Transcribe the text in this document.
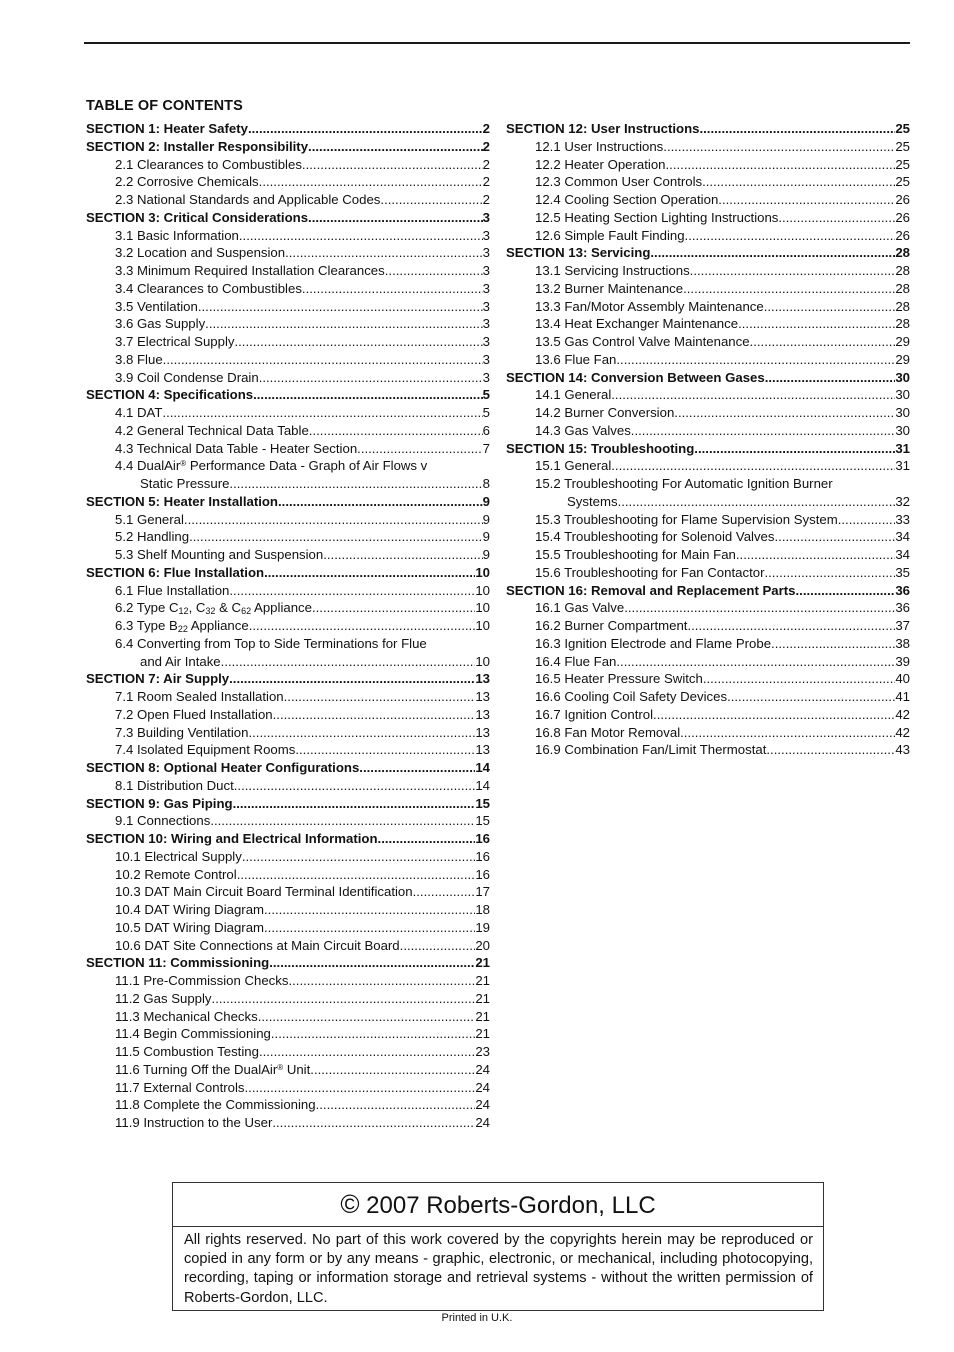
TABLE OF CONTENTS
SECTION 1: Heater Safety .....	2
SECTION 2: Installer Responsibility .....	2
2.1 Clearances to Combustibles .....	2
2.2 Corrosive Chemicals .....	2
2.3 National Standards and Applicable Codes .....	2
SECTION 3: Critical Considerations .....	3
3.1 Basic Information .....	3
3.2 Location and Suspension .....	3
3.3 Minimum Required Installation Clearances .....	3
3.4 Clearances to Combustibles .....	3
3.5 Ventilation .....	3
3.6 Gas Supply .....	3
3.7 Electrical Supply .....	3
3.8 Flue .....	3
3.9 Coil Condense Drain .....	3
SECTION 4: Specifications .....	5
4.1 DAT .....	5
4.2 General Technical Data Table .....	6
4.3 Technical Data Table - Heater Section .....	7
4.4 DualAir® Performance Data - Graph of Air Flows v
Static Pressure .....	8
SECTION 5: Heater Installation .....	9
5.1 General .....	9
5.2 Handling .....	9
5.3 Shelf Mounting and Suspension .....	9
SECTION 6: Flue Installation .....	10
6.1 Flue Installation .....	10
6.2 Type $C_{12}$, $C_{32}$ & $C_{62}$ Appliance .....	10
6.3 Type $B_{22}$ Appliance .....	10
6.4 Converting from Top to Side Terminations for Flue
and Air Intake .....	10
SECTION 7: Air Supply .....	13
7.1 Room Sealed Installation .....	13
7.2 Open Flued Installation .....	13
7.3 Building Ventilation .....	13
7.4 Isolated Equipment Rooms .....	13
SECTION 8: Optional Heater Configurations .....	14
8.1 Distribution Duct .....	14
SECTION 9: Gas Piping .....	15
9.1 Connections .....	15
SECTION 10: Wiring and Electrical Information .....	16
10.1 Electrical Supply .....	16
10.2 Remote Control .....	16
10.3 DAT Main Circuit Board Terminal Identification .....	17
10.4 DAT Wiring Diagram .....	18
10.5 DAT Wiring Diagram .....	19
10.6 DAT Site Connections at Main Circuit Board .....	20
SECTION 11: Commissioning .....	21
11.1 Pre-Commission Checks .....	21
11.2 Gas Supply .....	21
11.3 Mechanical Checks .....	21
11.4 Begin Commissioning .....	21
11.5 Combustion Testing .....	23
11.6 Turning Off the DualAir® Unit .....	24
11.7 External Controls .....	24
11.8 Complete the Commissioning .....	24
11.9 Instruction to the User .....	24
SECTION 12: User Instructions .....	25
12.1 User Instructions .....	25
12.2 Heater Operation .....	25
12.3 Common User Controls .....	25
12.4 Cooling Section Operation .....	26
12.5 Heating Section Lighting Instructions .....	26
12.6 Simple Fault Finding .....	26
SECTION 13: Servicing .....	28
13.1 Servicing Instructions .....	28
13.2 Burner Maintenance .....	28
13.3 Fan/Motor Assembly Maintenance .....	28
13.4 Heat Exchanger Maintenance .....	28
13.5 Gas Control Valve Maintenance .....	29
13.6 Flue Fan .....	29
SECTION 14: Conversion Between Gases .....	30
14.1 General .....	30
14.2 Burner Conversion .....	30
14.3 Gas Valves .....	30
SECTION 15: Troubleshooting .....	31
15.1 General .....	31
15.2 Troubleshooting For Automatic Ignition Burner
Systems .....	32
15.3 Troubleshooting for Flame Supervision System .....	33
15.4 Troubleshooting for Solenoid Valves .....	34
15.5 Troubleshooting for Main Fan .....	34
15.6 Troubleshooting for Fan Contactor .....	35
SECTION 16: Removal and Replacement Parts .....	36
16.1 Gas Valve .....	36
16.2 Burner Compartment .....	37
16.3 Ignition Electrode and Flame Probe. .....	38
16.4 Flue Fan .....	39
16.5 Heater Pressure Switch .....	40
16.6 Cooling Coil Safety Devices .....	41
16.7 Ignition Control .....	42
16.8 Fan Motor Removal .....	42
16.9 Combination Fan/Limit Thermostat .....	43
© 2007 Roberts-Gordon, LLC
All rights reserved. No part of this work covered by the copyrights herein may be reproduced or copied in any form or by any means - graphic, electronic, or mechanical, including photocopying, recording, taping or information storage and retrieval systems - without the written permission of Roberts-Gordon, LLC.
Printed in U.K.
